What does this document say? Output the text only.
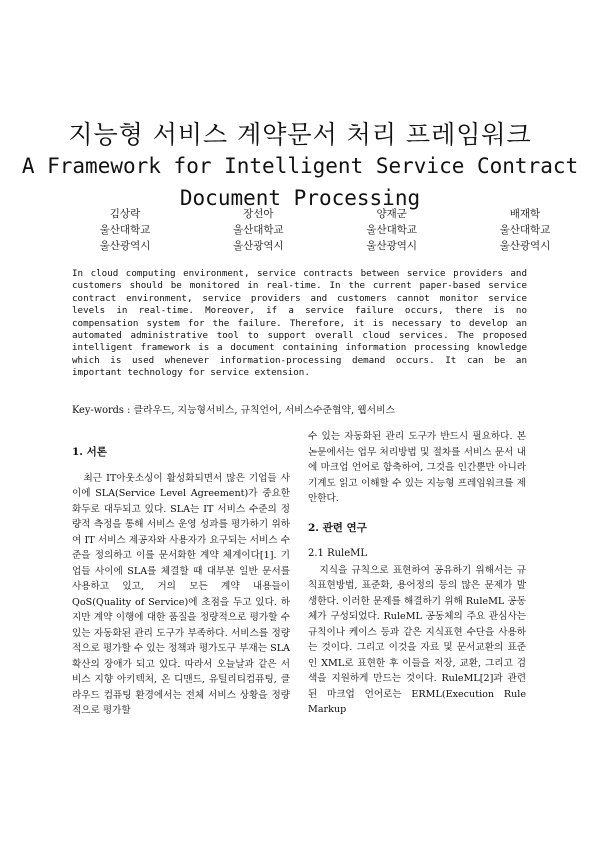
지능형 서비스 계약문서 처리 프레임워크
A Framework for Intelligent Service Contract Document Processing
김상락
울산대학교
울산광역시
장선아
울산대학교
울산광역시
양재군
울산대학교
울산광역시
배재학
울산대학교
울산광역시
In cloud computing environment, service contracts between service providers and customers should be monitored in real-time. In the current paper-based service contract environment, service providers and customers cannot monitor service levels in real-time. Moreover, if a service failure occurs, there is no compensation system for the failure. Therefore, it is necessary to develop an automated administrative tool to support overall cloud services. The proposed intelligent framework is a document containing information processing knowledge which is used whenever information-processing demand occurs. It can be an important technology for service extension.
Key-words : 클라우드, 지능형서비스, 규칙언어, 서비스수준협약, 웹서비스
1. 서론

최근 IT아웃소싱이 활성화되면서 많은 기업들 사이에 SLA(Service Level Agreement)가 중요한 화두로 대두되고 있다. SLA는 IT 서비스 수준의 정량적 측정을 통해 서비스 운영 성과를 평가하기 위하여 IT 서비스 제공자와 사용자가 요구되는 서비스 수준을 정의하고 이를 문서화한 계약 체계이다[1]. 기업들 사이에 SLA를 체결할 때 대부분 일반 문서를 사용하고 있고, 거의 모든 계약 내용들이 QoS(Quality of Service)에 초점을 두고 있다. 하지만 계약 이행에 대한 품질을 정량적으로 평가할 수 있는 자동화된 관리 도구가 부족하다. 서비스를 정량적으로 평가할 수 있는 정책과 평가도구 부재는 SLA 확산의 장애가 되고 있다. 따라서 오늘날과 같은 서비스 지향 아키텍처, 온 디맨드, 유틸리티컴퓨팅, 클라우드 컴퓨팅 환경에서는 전체 서비스 상황을 정량적으로 평가할

수 있는 자동화된 관리 도구가 반드시 필요하다. 본 논문에서는 업무 처리방법 및 절차를 서비스 문서 내에 마크업 언어로 함축하여, 그것을 인간뿐만 아니라 기계도 읽고 이해할 수 있는 지능형 프레임워크를 제안한다.

2. 관련 연구
2.1 RuleML

지식을 규칙으로 표현하여 공유하기 위해서는 규칙표현방법, 표준화, 용어정의 등의 많은 문제가 발생한다. 이러한 문제를 해결하기 위해 RuleML 공동체가 구성되었다. RuleML 공동체의 주요 관심사는 규칙이나 케이스 등과 같은 지식표현 수단을 사용하는 것이다. 그리고 이것을 자료 및 문서교환의 표준인 XML로 표현한 후 이들을 저장, 교환, 그리고 검색을 지원하게 만드는 것이다. RuleML[2]과 관련된 마크업 언어로는 ERML(Execution Rule Markup
